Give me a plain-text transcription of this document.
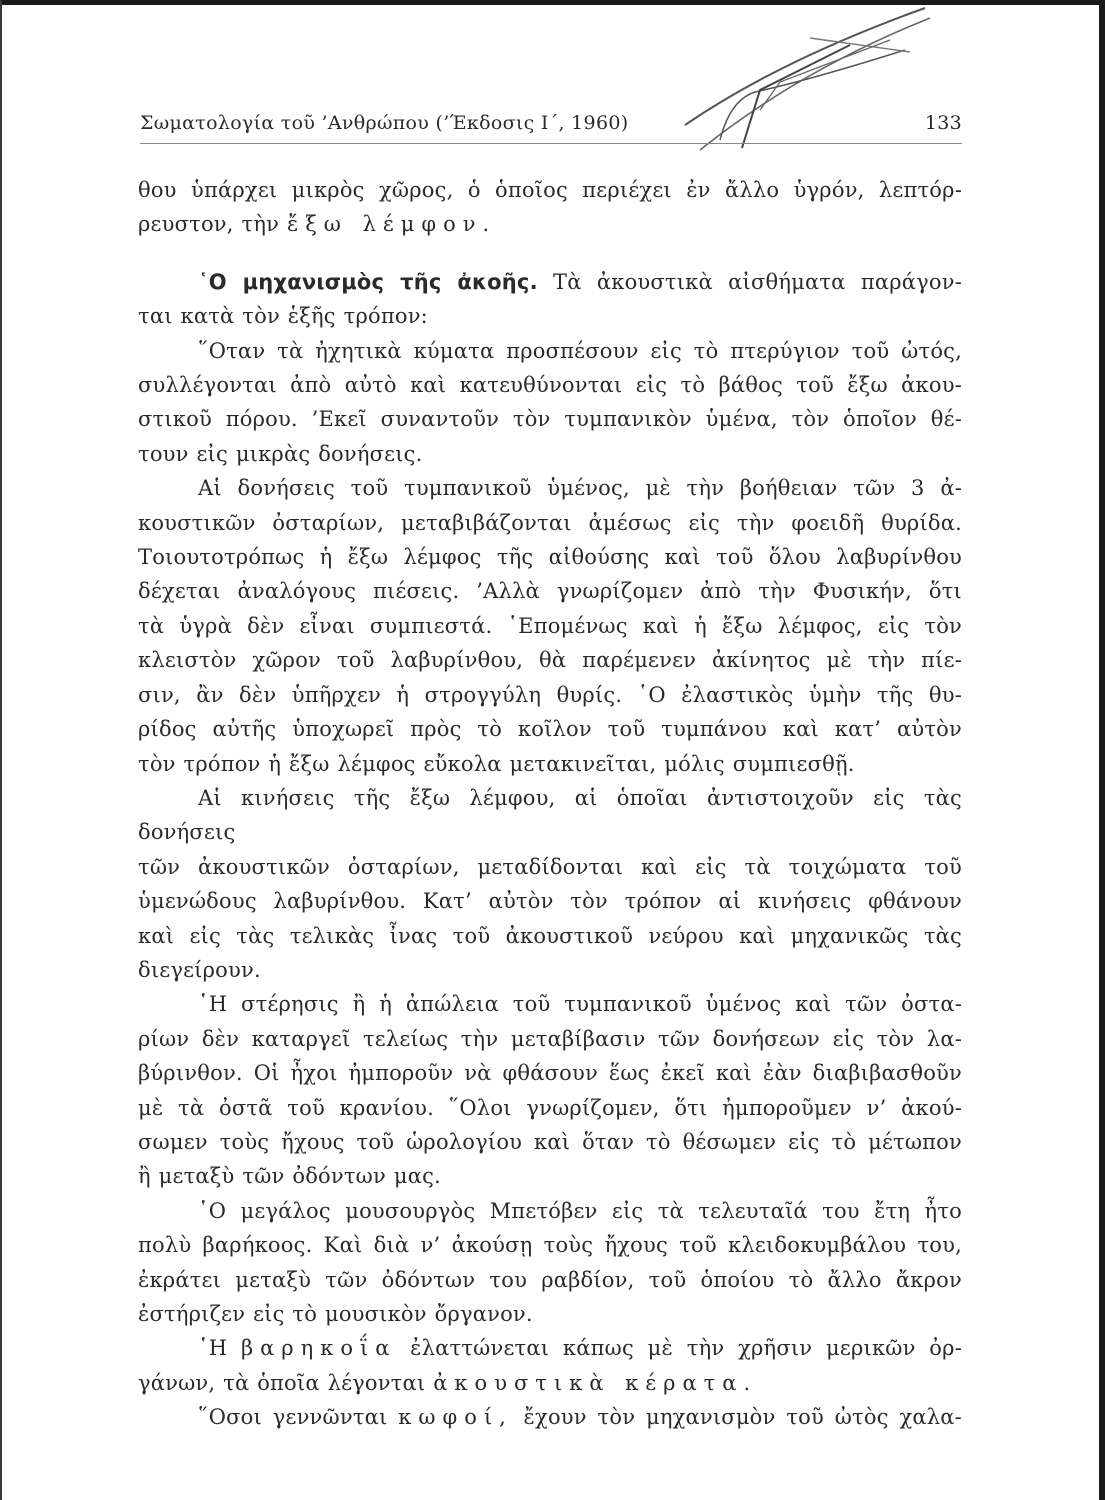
Σωματολογία τοῦ ’Ανθρώπου (’Έκδοσις Ι΄, 1960)	133

θου ὑπάρχει μικρὸς χῶρος, ὁ ὁποῖος περιέχει ἐν ἄλλο ὑγρόν, λεπτόρ-

ρευστον, τὴν ἔξω λέμφον.

῾Ο μηχανισμὸς τῆς ἀκοῆς. Τὰ ἀκουστικὰ αἰσθήματα παράγον-

ται κατὰ τὸν ἑξῆς τρόπον:

῞Οταν τὰ ἠχητικὰ κύματα προσπέσουν εἰς τὸ πτερύγιον τοῦ ὠτός,

συλλέγονται ἀπὸ αὐτὸ καὶ κατευθύνονται εἰς τὸ βάθος τοῦ ἔξω ἀκου-

στικοῦ πόρου. ’Εκεῖ συναντοῦν τὸν τυμπανικὸν ὑμένα, τὸν ὁποῖον θέ-

τουν εἰς μικρὰς δονήσεις.

Αἱ δονήσεις τοῦ τυμπανικοῦ ὑμένος, μὲ τὴν βοήθειαν τῶν 3 ἀ-

κουστικῶν ὀσταρίων, μεταβιβάζονται ἀμέσως εἰς τὴν φοειδῆ θυρίδα.

Τοιουτοτρόπως ἡ ἔξω λέμφος τῆς αἰθούσης καὶ τοῦ ὅλου λαβυρίνθου

δέχεται ἀναλόγους πιέσεις. ’Αλλὰ γνωρίζομεν ἀπὸ τὴν Φυσικήν, ὅτι

τὰ ὑγρὰ δὲν εἶναι συμπιεστά. ῾Επομένως καὶ ἡ ἔξω λέμφος, εἰς τὸν

κλειστὸν χῶρον τοῦ λαβυρίνθου, θὰ παρέμενεν ἀκίνητος μὲ τὴν πίε-

σιν, ἂν δὲν ὑπῆρχεν ἡ στρογγύλη θυρίς. ῾Ο ἐλαστικὸς ὑμὴν τῆς θυ-

ρίδος αὐτῆς ὑποχωρεῖ πρὸς τὸ κοῖλον τοῦ τυμπάνου καὶ κατ’ αὐτὸν

τὸν τρόπον ἡ ἔξω λέμφος εὔκολα μετακινεῖται, μόλις συμπιεσθῇ.

Αἱ κινήσεις τῆς ἔξω λέμφου, αἱ ὁποῖαι ἀντιστοιχοῦν εἰς τὰς δονήσεις

τῶν ἀκουστικῶν ὀσταρίων, μεταδίδονται καὶ εἰς τὰ τοιχώματα τοῦ

ὑμενώδους λαβυρίνθου. Κατ’ αὐτὸν τὸν τρόπον αἱ κινήσεις φθάνουν

καὶ εἰς τὰς τελικὰς ἶνας τοῦ ἀκουστικοῦ νεύρου καὶ μηχανικῶς τὰς

διεγείρουν.

῾Η στέρησις ἢ ἡ ἀπώλεια τοῦ τυμπανικοῦ ὑμένος καὶ τῶν ὀστα-

ρίων δὲν καταργεῖ τελείως τὴν μεταβίβασιν τῶν δονήσεων εἰς τὸν λα-

βύρινθον. Οἱ ἦχοι ἠμποροῦν νὰ φθάσουν ἕως ἐκεῖ καὶ ἐὰν διαβιβασθοῦν

μὲ τὰ ὀστᾶ τοῦ κρανίου. ῞Ολοι γνωρίζομεν, ὅτι ἠμποροῦμεν ν’ ἀκού-

σωμεν τοὺς ἤχους τοῦ ὡρολογίου καὶ ὅταν τὸ θέσωμεν εἰς τὸ μέτωπον

ἢ μεταξὺ τῶν ὀδόντων μας.

῾Ο μεγάλος μουσουργὸς Μπετόβεν εἰς τὰ τελευταῖά του ἔτη ἦτο

πολὺ βαρήκοος. Καὶ διὰ ν’ ἀκούσῃ τοὺς ἤχους τοῦ κλειδοκυμβάλου του,

ἐκράτει μεταξὺ τῶν ὀδόντων του ραβδίον, τοῦ ὁποίου τὸ ἄλλο ἄκρον

ἐστήριζεν εἰς τὸ μουσικὸν ὄργανον.

῾Η βαρηκοΐα ἐλαττώνεται κάπως μὲ τὴν χρῆσιν μερικῶν ὀρ-

γάνων, τὰ ὁποῖα λέγονται ἀκουστικὰ κέρατα.

῞Οσοι γεννῶνται κωφοί, ἔχουν τὸν μηχανισμὸν τοῦ ὠτὸς χαλα-
